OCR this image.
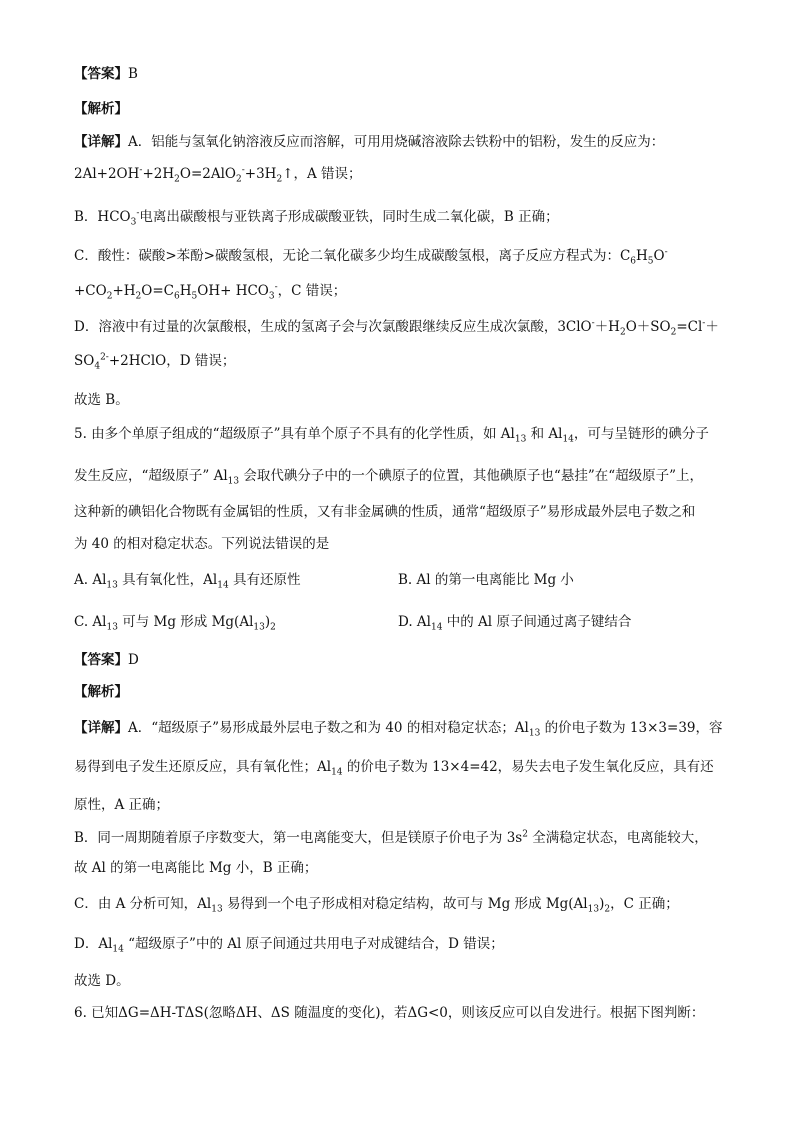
【答案】B
【解析】
【详解】A．铝能与氢氧化钠溶液反应而溶解，可用用烧碱溶液除去铁粉中的铝粉，发生的反应为：
$2Al+2OH^-+2H_2O=2AlO_2^-+3H_2↑$，A 错误；
B．$HCO_3^-$电离出碳酸根与亚铁离子形成碳酸亚铁，同时生成二氧化碳，B 正确；
C．酸性：碳酸>苯酚>碳酸氢根，无论二氧化碳多少均生成碳酸氢根，离子反应方程式为：$C_6H_5O^-$
$+CO_2+H_2O=C_6H_5OH+ HCO_3^-$，C 错误；
D．溶液中有过量的次氯酸根，生成的氢离子会与次氯酸跟继续反应生成次氯酸，$3ClO^-+H_2O+SO_2=Cl^-+$
$SO_4^{2-}+2HClO$，D 错误；
故选 B。
5. 由多个单原子组成的“超级原子”具有单个原子不具有的化学性质，如 $Al_{13}$ 和 $Al_{14}$，可与呈链形的碘分子
发生反应，“超级原子” $Al_{13}$ 会取代碘分子中的一个碘原子的位置，其他碘原子也“悬挂”在“超级原子”上，
这种新的碘铝化合物既有金属铝的性质，又有非金属碘的性质，通常“超级原子”易形成最外层电子数之和
为 40 的相对稳定状态。下列说法错误的是
A. $Al_{13}$ 具有氧化性，$Al_{14}$ 具有还原性	B. Al 的第一电离能比 Mg 小
C. $Al_{13}$ 可与 Mg 形成 $Mg(Al_{13})_2$	D. $Al_{14}$ 中的 Al 原子间通过离子键结合
【答案】D
【解析】
【详解】A．“超级原子”易形成最外层电子数之和为 40 的相对稳定状态；$Al_{13}$ 的价电子数为 13×3=39，容
易得到电子发生还原反应，具有氧化性；$Al_{14}$ 的价电子数为 13×4=42，易失去电子发生氧化反应，具有还
原性，A 正确；
B．同一周期随着原子序数变大，第一电离能变大，但是镁原子价电子为 $3s^2$ 全满稳定状态，电离能较大，
故 Al 的第一电离能比 Mg 小，B 正确；
C．由 A 分析可知，$Al_{13}$ 易得到一个电子形成相对稳定结构，故可与 Mg 形成 $Mg(Al_{13})_2$，C 正确；
D．$Al_{14}$ “超级原子”中的 Al 原子间通过共用电子对成键结合，D 错误；
故选 D。
6. 已知ΔG=ΔH-TΔS(忽略ΔH、ΔS 随温度的变化)，若ΔG<0，则该反应可以自发进行。根据下图判断：
